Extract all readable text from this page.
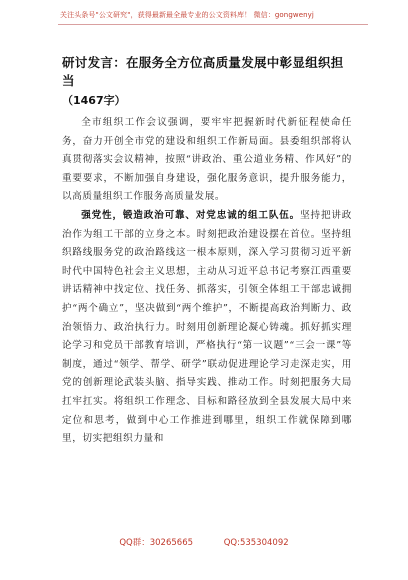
关注头条号"公文研究"，获得最新最全最专业的公文资料库！ 微信：gongwenyj
研讨发言：在服务全方位高质量发展中彰显组织担当
（1467字）

全市组织工作会议强调，要牢牢把握新时代新征程使命任务，奋力开创全市党的建设和组织工作新局面。县委组织部将认真贯彻落实会议精神，按照“讲政治、重公道业务精、作风好”的重要要求，不断加强自身建设，强化服务意识，提升服务能力，以高质量组织工作服务高质量发展。

强党性，锻造政治可靠、对党忠诚的组工队伍。坚持把讲政治作为组工干部的立身之本。时刻把政治建设摆在首位。坚持组织路线服务党的政治路线这一根本原则，深入学习贯彻习近平新时代中国特色社会主义思想，主动从习近平总书记考察江西重要讲话精神中找定位、找任务、抓落实，引领全体组工干部忠诚拥护“两个确立”，坚决做到“两个维护”，不断提高政治判断力、政治领悟力、政治执行力。时刻用创新理论凝心铸魂。抓好抓实理论学习和党员干部教育培训，严格执行“第一议题”“三会一课”等制度，通过“领学、帮学、研学”联动促进理论学习走深走实，用党的创新理论武装头脑、指导实践、推动工作。时刻把服务大局扛牢扛实。将组织工作理念、目标和路径放到全县发展大局中来定位和思考，做到中心工作推进到哪里，组织工作就保障到哪里，切实把组织力量和

QQ群：30265665	QQ:535304092
